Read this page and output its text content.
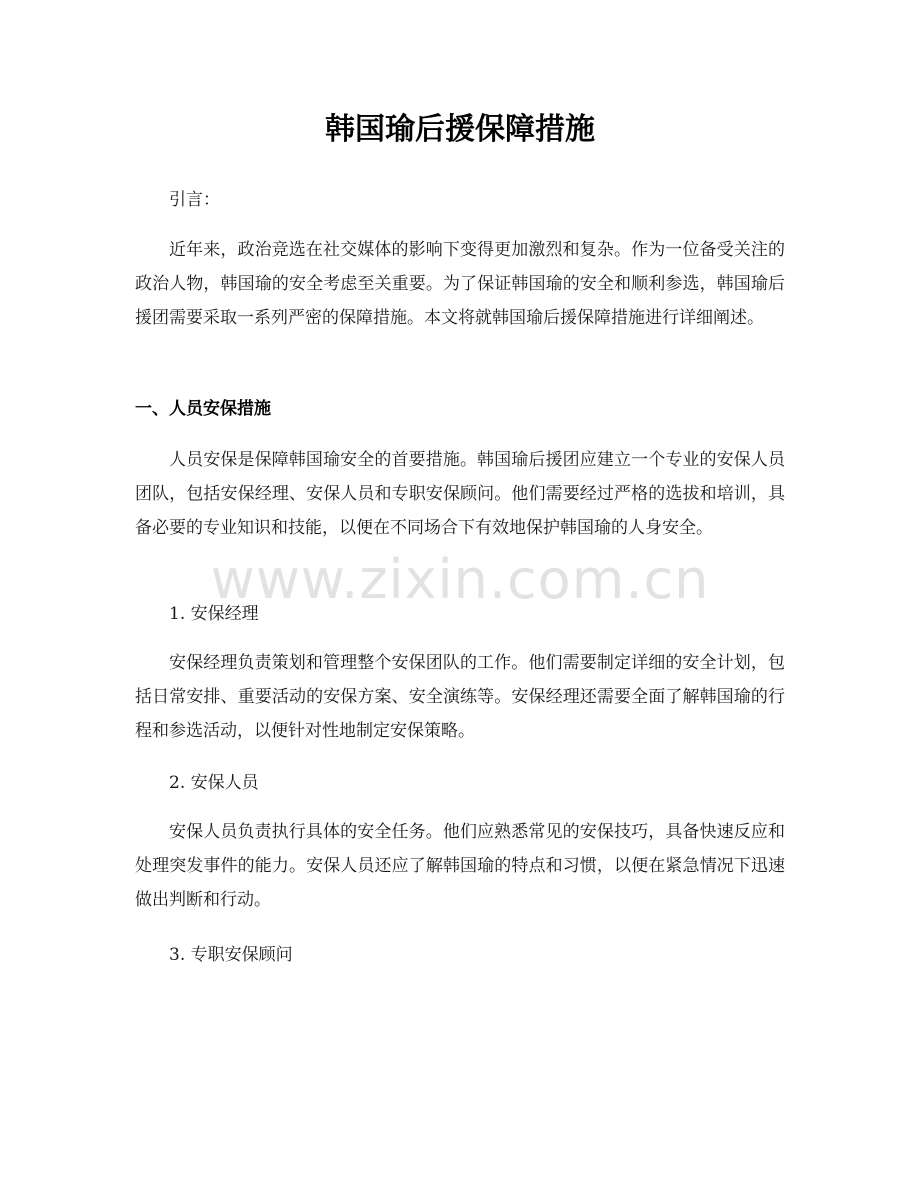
韩国瑜后援保障措施

引言：

近年来，政治竞选在社交媒体的影响下变得更加激烈和复杂。作为一位备受关注的政治人物，韩国瑜的安全考虑至关重要。为了保证韩国瑜的安全和顺利参选，韩国瑜后援团需要采取一系列严密的保障措施。本文将就韩国瑜后援保障措施进行详细阐述。

一、人员安保措施

人员安保是保障韩国瑜安全的首要措施。韩国瑜后援团应建立一个专业的安保人员团队，包括安保经理、安保人员和专职安保顾问。他们需要经过严格的选拔和培训，具备必要的专业知识和技能，以便在不同场合下有效地保护韩国瑜的人身安全。

1. 安保经理

安保经理负责策划和管理整个安保团队的工作。他们需要制定详细的安全计划，包括日常安排、重要活动的安保方案、安全演练等。安保经理还需要全面了解韩国瑜的行程和参选活动，以便针对性地制定安保策略。

2. 安保人员

安保人员负责执行具体的安全任务。他们应熟悉常见的安保技巧，具备快速反应和处理突发事件的能力。安保人员还应了解韩国瑜的特点和习惯，以便在紧急情况下迅速做出判断和行动。

3. 专职安保顾问

www.zixin.com.cn
